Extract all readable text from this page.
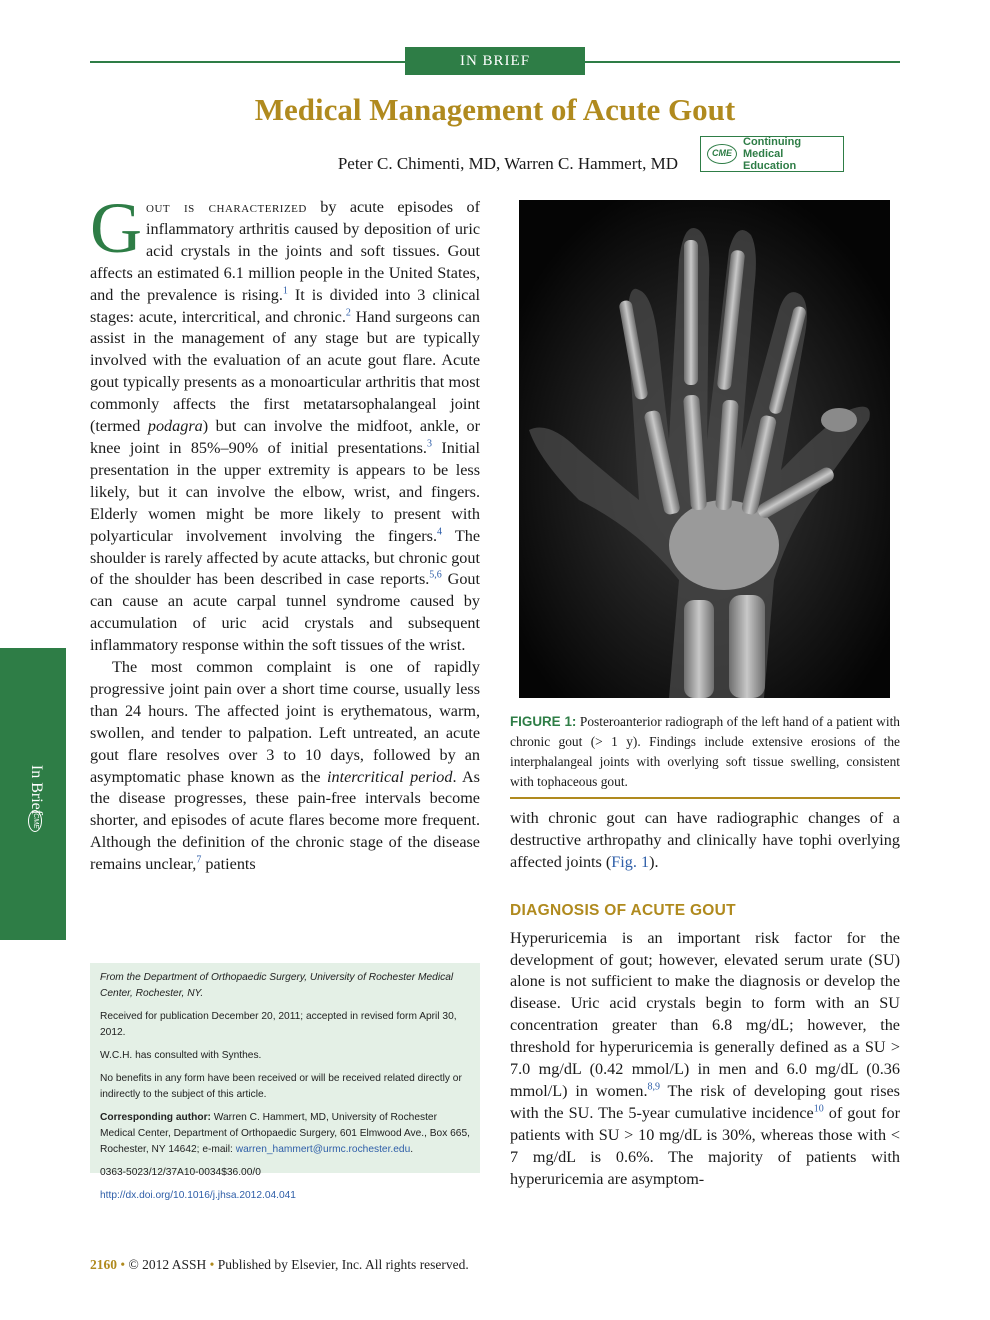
IN BRIEF
Medical Management of Acute Gout
Peter C. Chimenti, MD, Warren C. Hammert, MD
CME
Continuing Medical
Education
In Brief
CME

Gout is characterized by acute episodes of inflammatory arthritis caused by deposition of uric acid crystals in the joints and soft tissues. Gout affects an estimated 6.1 million people in the United States, and the prevalence is rising.$^1$ It is divided into 3 clinical stages: acute, intercritical, and chronic.$^2$ Hand surgeons can assist in the management of any stage but are typically involved with the evaluation of an acute gout flare. Acute gout typically presents as a monoarticular arthritis that most commonly affects the first metatarsophalangeal joint (termed podagra) but can involve the midfoot, ankle, or knee joint in 85%–90% of initial presentations.$^3$ Initial presentation in the upper extremity is appears to be less likely, but it can involve the elbow, wrist, and fingers. Elderly women might be more likely to present with polyarticular involvement involving the fingers.$^4$ The shoulder is rarely affected by acute attacks, but chronic gout of the shoulder has been described in case reports.$^{5,6}$ Gout can cause an acute carpal tunnel syndrome caused by accumulation of uric acid crystals and subsequent inflammatory response within the soft tissues of the wrist.

The most common complaint is one of rapidly progressive joint pain over a short time course, usually less than 24 hours. The affected joint is erythematous, warm, swollen, and tender to palpation. Left untreated, an acute gout flare resolves over 3 to 10 days, followed by an asymptomatic phase known as the intercritical period. As the disease progresses, these pain-free intervals become shorter, and episodes of acute flares become more frequent. Although the definition of the chronic stage of the disease remains unclear,$^7$ patients

From the Department of Orthopaedic Surgery, University of Rochester Medical Center, Rochester, NY.
Received for publication December 20, 2011; accepted in revised form April 30, 2012.
W.C.H. has consulted with Synthes.
No benefits in any form have been received or will be received related directly or indirectly to the subject of this article.
Corresponding author: Warren C. Hammert, MD, University of Rochester Medical Center, Department of Orthopaedic Surgery, 601 Elmwood Ave., Box 665, Rochester, NY 14642; e-mail: warren_hammert@urmc.rochester.edu.
0363-5023/12/37A10-0034$36.00/0
http://dx.doi.org/10.1016/j.jhsa.2012.04.041
FIGURE 1: Posteroanterior radiograph of the left hand of a patient with chronic gout (> 1 y). Findings include extensive erosions of the interphalangeal joints with overlying soft tissue swelling, consistent with tophaceous gout.

with chronic gout can have radiographic changes of a destructive arthropathy and clinically have tophi overlying affected joints (Fig. 1).

DIAGNOSIS OF ACUTE GOUT

Hyperuricemia is an important risk factor for the development of gout; however, elevated serum urate (SU) alone is not sufficient to make the diagnosis or develop the disease. Uric acid crystals begin to form with an SU concentration greater than 6.8 mg/dL; however, the threshold for hyperuricemia is generally defined as a SU > 7.0 mg/dL (0.42 mmol/L) in men and 6.0 mg/dL (0.36 mmol/L) in women.$^{8,9}$ The risk of developing gout rises with the SU. The 5-year cumulative incidence$^{10}$ of gout for patients with SU > 10 mg/dL is 30%, whereas those with < 7 mg/dL is 0.6%. The majority of patients with hyperuricemia are asymptom-

2160 • © 2012 ASSH • Published by Elsevier, Inc. All rights reserved.
